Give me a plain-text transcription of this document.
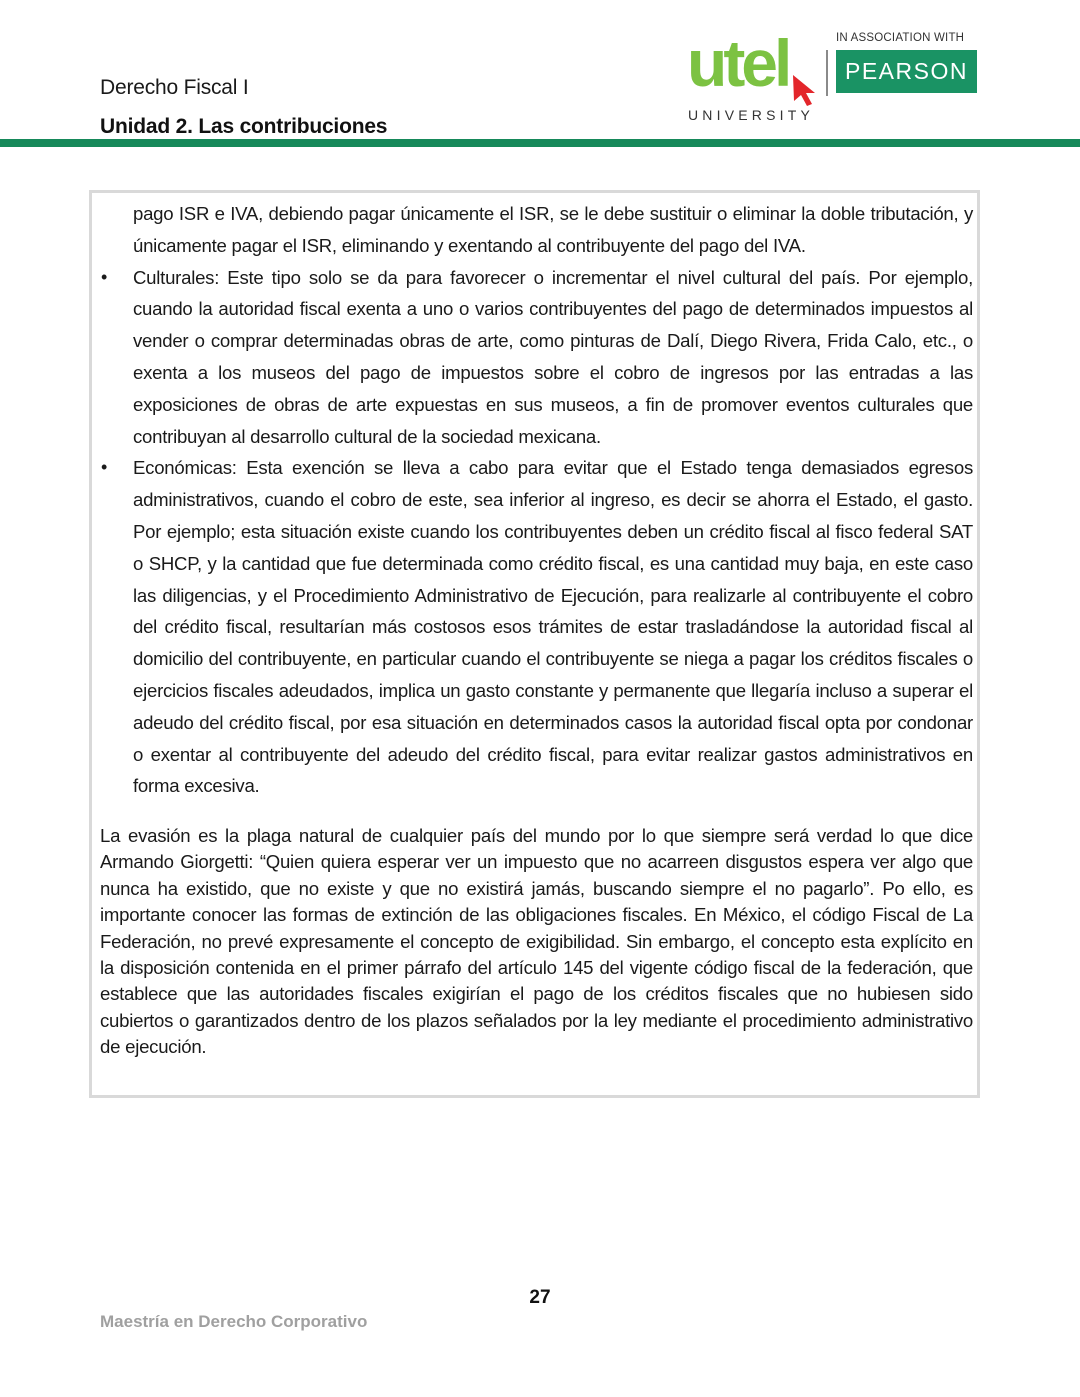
Derecho Fiscal I
Unidad 2. Las contribuciones
utel	IN ASSOCIATION WITH
PEARSON
UNIVERSITY

pago ISR e IVA, debiendo pagar únicamente el ISR, se le debe sustituir o eliminar la doble tributación, y únicamente pagar el ISR, eliminando y exentando al contribuyente del pago del IVA.

• Culturales: Este tipo solo se da para favorecer o incrementar el nivel cultural del país. Por ejemplo, cuando la autoridad fiscal exenta a uno o varios contribuyentes del pago de determinados impuestos al vender o comprar determinadas obras de arte, como pinturas de Dalí, Diego Rivera, Frida Calo, etc., o exenta a los museos del pago de impuestos sobre el cobro de ingresos por las entradas a las exposiciones de obras de arte expuestas en sus museos, a fin de promover eventos culturales que contribuyan al desarrollo cultural de la sociedad mexicana.

• Económicas: Esta exención se lleva a cabo para evitar que el Estado tenga demasiados egresos administrativos, cuando el cobro de este, sea inferior al ingreso, es decir se ahorra el Estado, el gasto. Por ejemplo; esta situación existe cuando los contribuyentes deben un crédito fiscal al fisco federal SAT o SHCP, y la cantidad que fue determinada como crédito fiscal, es una cantidad muy baja, en este caso las diligencias, y el Procedimiento Administrativo de Ejecución, para realizarle al contribuyente el cobro del crédito fiscal, resultarían más costosos esos trámites de estar trasladándose la autoridad fiscal al domicilio del contribuyente, en particular cuando el contribuyente se niega a pagar los créditos fiscales o ejercicios fiscales adeudados, implica un gasto constante y permanente que llegaría incluso a superar el adeudo del crédito fiscal, por esa situación en determinados casos la autoridad fiscal opta por condonar o exentar al contribuyente del adeudo del crédito fiscal, para evitar realizar gastos administrativos en forma excesiva.

La evasión es la plaga natural de cualquier país del mundo por lo que siempre será verdad lo que dice Armando Giorgetti: “Quien quiera esperar ver un impuesto que no acarreen disgustos espera ver algo que nunca ha existido, que no existe y que no existirá jamás, buscando siempre el no pagarlo”. Po ello, es importante conocer las formas de extinción de las obligaciones fiscales. En México, el código Fiscal de La Federación, no prevé expresamente el concepto de exigibilidad. Sin embargo, el concepto esta explícito en la disposición contenida en el primer párrafo del artículo 145 del vigente código fiscal de la federación, que establece que las autoridades fiscales exigirían el pago de los créditos fiscales que no hubiesen sido cubiertos o garantizados dentro de los plazos señalados por la ley mediante el procedimiento administrativo de ejecución.

27
Maestría en Derecho Corporativo
